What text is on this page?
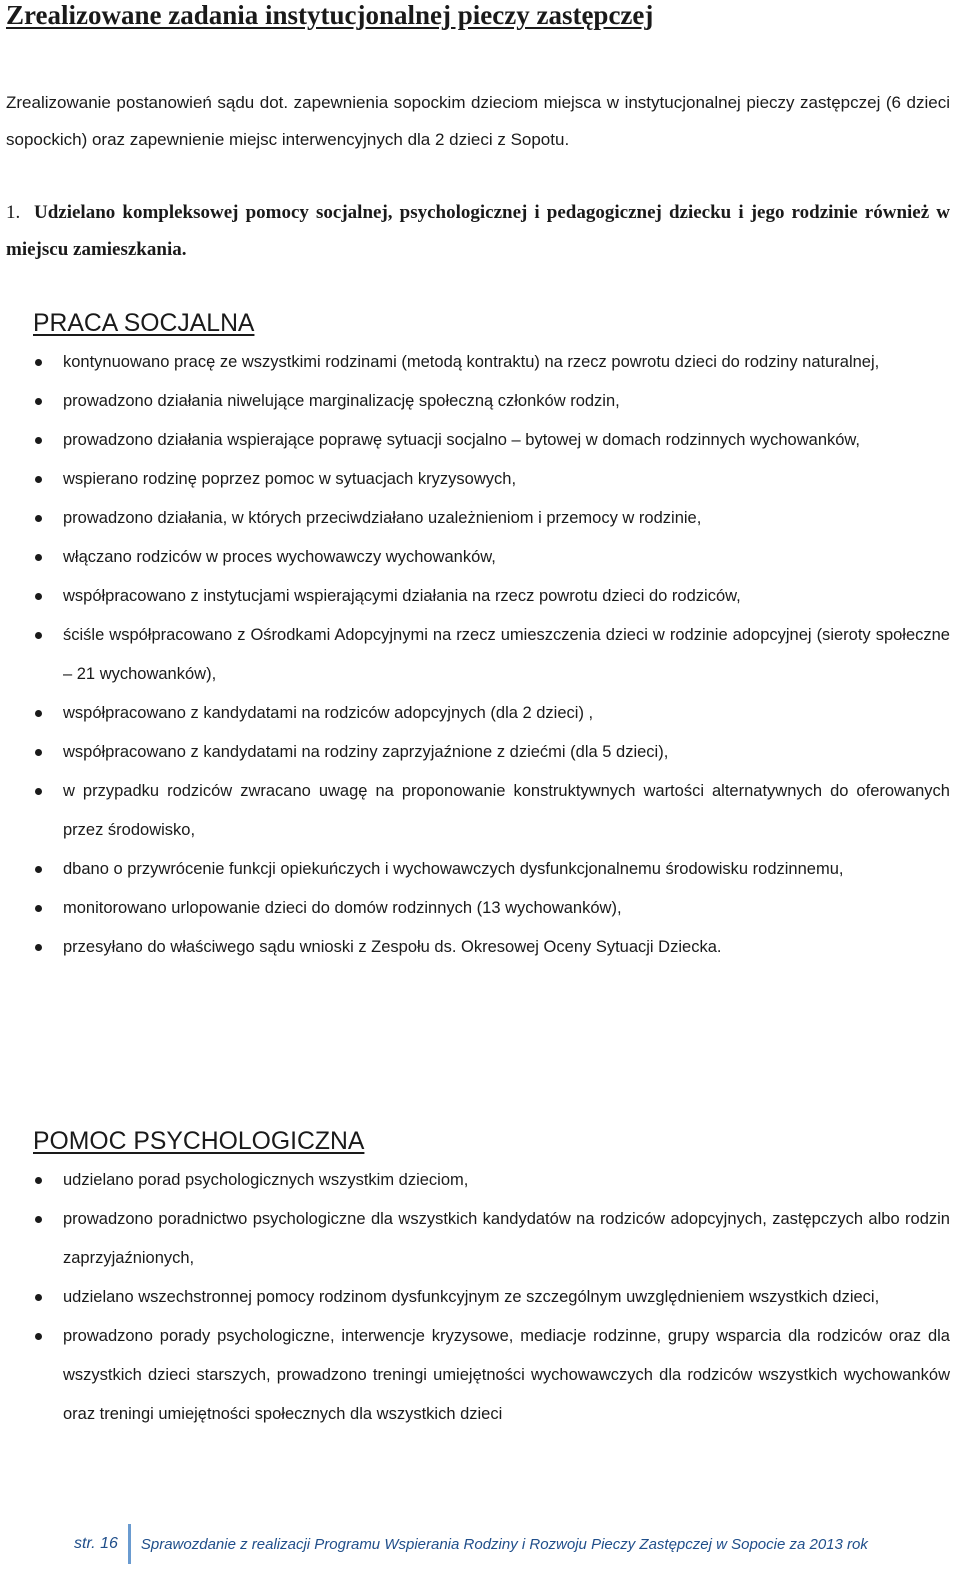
Zrealizowane zadania instytucjonalnej pieczy zastępczej

Zrealizowanie postanowień sądu dot. zapewnienia sopockim dzieciom miejsca w instytucjonalnej pieczy zastępczej (6 dzieci sopockich) oraz zapewnienie miejsc interwencyjnych dla 2 dzieci z Sopotu.

1. Udzielano kompleksowej pomocy socjalnej, psychologicznej i pedagogicznej dziecku i jego rodzinie również w miejscu zamieszkania.

PRACA SOCJALNA
kontynuowano pracę ze wszystkimi rodzinami (metodą kontraktu) na rzecz powrotu dzieci do rodziny naturalnej,
prowadzono działania niwelujące marginalizację społeczną członków rodzin,
prowadzono działania wspierające poprawę sytuacji socjalno – bytowej w domach rodzinnych wychowanków,
wspierano rodzinę poprzez pomoc w sytuacjach kryzysowych,
prowadzono działania, w których przeciwdziałano uzależnieniom i przemocy w rodzinie,
włączano rodziców w proces wychowawczy wychowanków,
współpracowano z instytucjami wspierającymi działania na rzecz powrotu dzieci do rodziców,
ściśle współpracowano z Ośrodkami Adopcyjnymi na rzecz umieszczenia dzieci w rodzinie adopcyjnej (sieroty społeczne – 21 wychowanków),
współpracowano z kandydatami na rodziców adopcyjnych (dla 2 dzieci) ,
współpracowano z kandydatami na rodziny zaprzyjaźnione z dziećmi (dla 5 dzieci),
w przypadku rodziców zwracano uwagę na proponowanie konstruktywnych wartości alternatywnych do oferowanych przez środowisko,
dbano o przywrócenie funkcji opiekuńczych i wychowawczych dysfunkcjonalnemu środowisku rodzinnemu,
monitorowano urlopowanie dzieci do domów rodzinnych (13 wychowanków),
przesyłano do właściwego sądu wnioski z Zespołu ds. Okresowej Oceny Sytuacji Dziecka.
POMOC PSYCHOLOGICZNA
udzielano porad psychologicznych wszystkim dzieciom,
prowadzono poradnictwo psychologiczne dla wszystkich kandydatów na rodziców adopcyjnych, zastępczych albo rodzin zaprzyjaźnionych,
udzielano wszechstronnej pomocy rodzinom dysfunkcyjnym ze szczególnym uwzględnieniem wszystkich dzieci,
prowadzono porady psychologiczne, interwencje kryzysowe, mediacje rodzinne, grupy wsparcia dla rodziców oraz dla wszystkich dzieci starszych, prowadzono treningi umiejętności wychowawczych dla rodziców wszystkich wychowanków oraz treningi umiejętności społecznych dla wszystkich dzieci
str. 16	Sprawozdanie z realizacji Programu Wspierania Rodziny i Rozwoju Pieczy Zastępczej w Sopocie za 2013 rok
